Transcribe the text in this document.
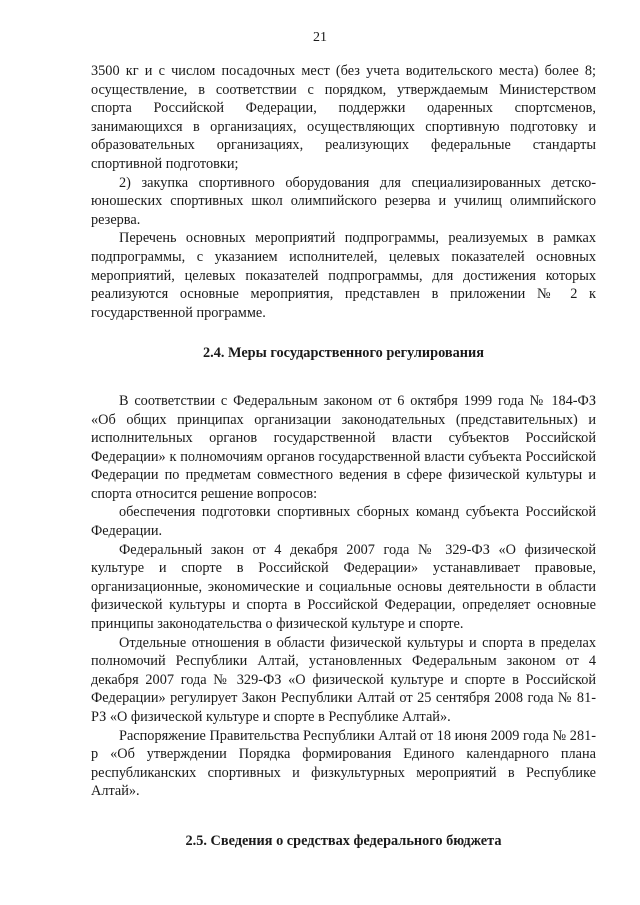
21

3500 кг и с числом посадочных мест (без учета водительского места) более 8; осуществление, в соответствии с порядком, утверждаемым Министерством спорта Российской Федерации, поддержки одаренных спортсменов, занимающихся в организациях, осуществляющих спортивную подготовку и образовательных организациях, реализующих федеральные стандарты спортивной подготовки;

2) закупка спортивного оборудования для специализированных детско-юношеских спортивных школ олимпийского резерва и училищ олимпийского резерва.

Перечень основных мероприятий подпрограммы, реализуемых в рамках подпрограммы, с указанием исполнителей, целевых показателей основных мероприятий, целевых показателей подпрограммы, для достижения которых реализуются основные мероприятия, представлен в приложении № 2 к государственной программе.

2.4. Меры государственного регулирования

В соответствии с Федеральным законом от 6 октября 1999 года № 184-ФЗ «Об общих принципах организации законодательных (представительных) и исполнительных органов государственной власти субъектов Российской Федерации» к полномочиям органов государственной власти субъекта Российской Федерации по предметам совместного ведения в сфере физической культуры и спорта относится решение вопросов:

обеспечения подготовки спортивных сборных команд субъекта Российской Федерации.

Федеральный закон от 4 декабря 2007 года № 329-ФЗ «О физической культуре и спорте в Российской Федерации» устанавливает правовые, организационные, экономические и социальные основы деятельности в области физической культуры и спорта в Российской Федерации, определяет основные принципы законодательства о физической культуре и спорте.

Отдельные отношения в области физической культуры и спорта в пределах полномочий Республики Алтай, установленных Федеральным законом от 4 декабря 2007 года № 329-ФЗ «О физической культуре и спорте в Российской Федерации» регулирует Закон Республики Алтай от 25 сентября 2008 года № 81-РЗ «О физической культуре и спорте в Республике Алтай».

Распоряжение Правительства Республики Алтай от 18 июня 2009 года № 281-р «Об утверждении Порядка формирования Единого календарного плана республиканских спортивных и физкультурных мероприятий в Республике Алтай».

2.5. Сведения о средствах федерального бюджета
